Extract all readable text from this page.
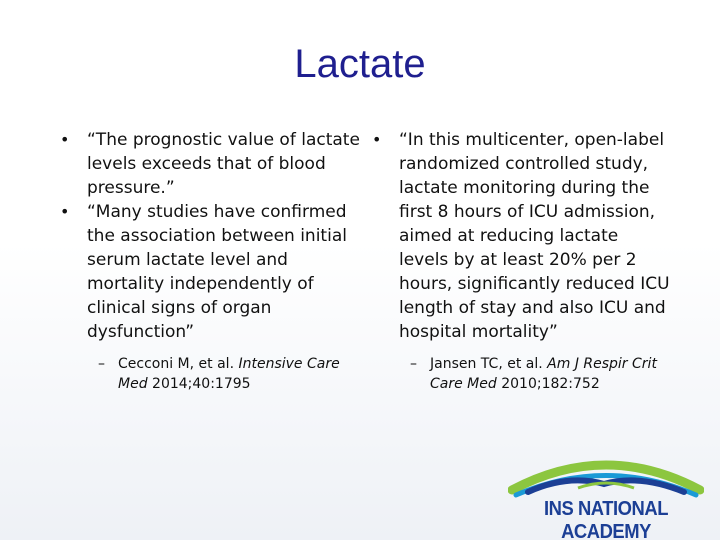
Lactate
• “The prognostic value of lactate levels exceeds that of blood pressure.”
• “Many studies have confirmed the association between initial serum lactate level and mortality independently of clinical signs of organ dysfunction”
– Cecconi M, et al. Intensive Care Med 2014;40:1795
• “In this multicenter, open-label randomized controlled study, lactate monitoring during the first 8 hours of ICU admission, aimed at reducing lactate levels by at least 20% per 2 hours, significantly reduced ICU length of stay and also ICU and hospital mortality”
– Jansen TC, et al. Am J Respir Crit Care Med 2010;182:752
INS NATIONAL ACADEMY
